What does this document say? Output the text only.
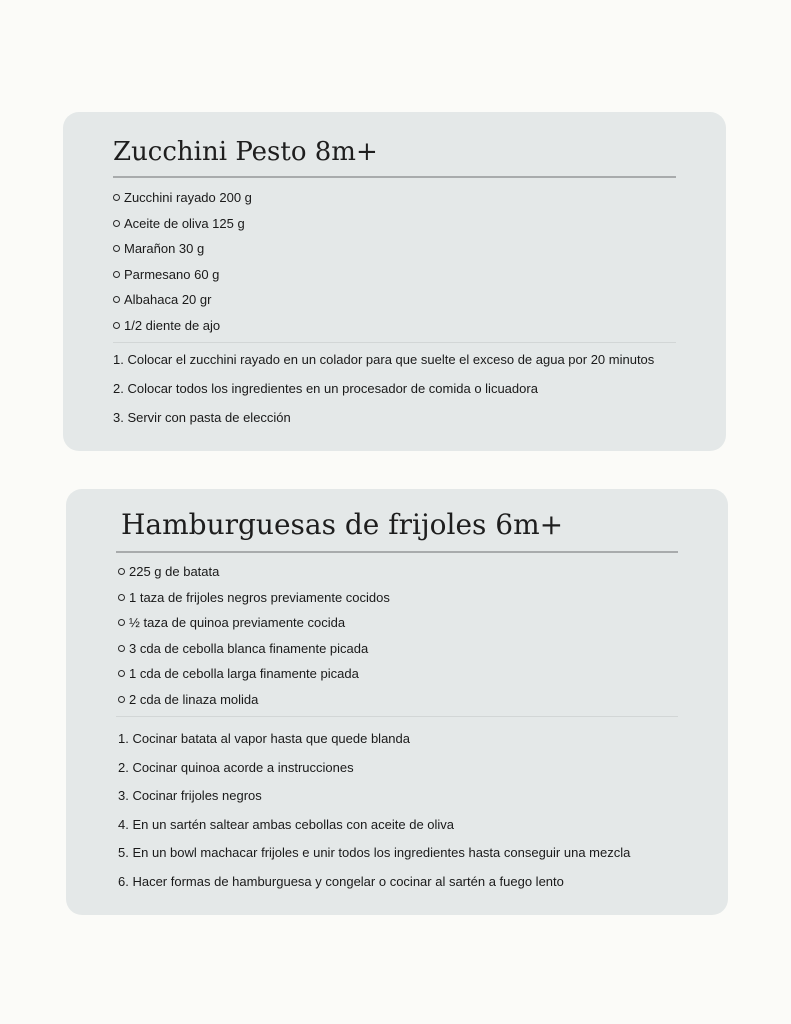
Zucchini Pesto 8m+
Zucchini rayado 200 g
Aceite de oliva 125 g
Marañon 30 g
Parmesano 60 g
Albahaca 20 gr
1/2 diente de ajo
1. Colocar el zucchini rayado en un colador para que suelte el exceso de agua por 20 minutos
2. Colocar todos los ingredientes en un procesador de comida o licuadora
3. Servir con pasta de elección
Hamburguesas de frijoles 6m+
225 g de batata
1 taza de frijoles negros previamente cocidos
½ taza de quinoa previamente cocida
3 cda de cebolla blanca finamente picada
1 cda de cebolla larga finamente picada
2 cda de linaza molida
1. Cocinar batata al vapor hasta que quede blanda
2. Cocinar quinoa acorde a instrucciones
3. Cocinar frijoles negros
4. En un sartén saltear ambas cebollas con aceite de oliva
5. En un bowl machacar frijoles e unir todos los ingredientes hasta conseguir una mezcla
6. Hacer formas de hamburguesa y congelar o cocinar al sartén a fuego lento
